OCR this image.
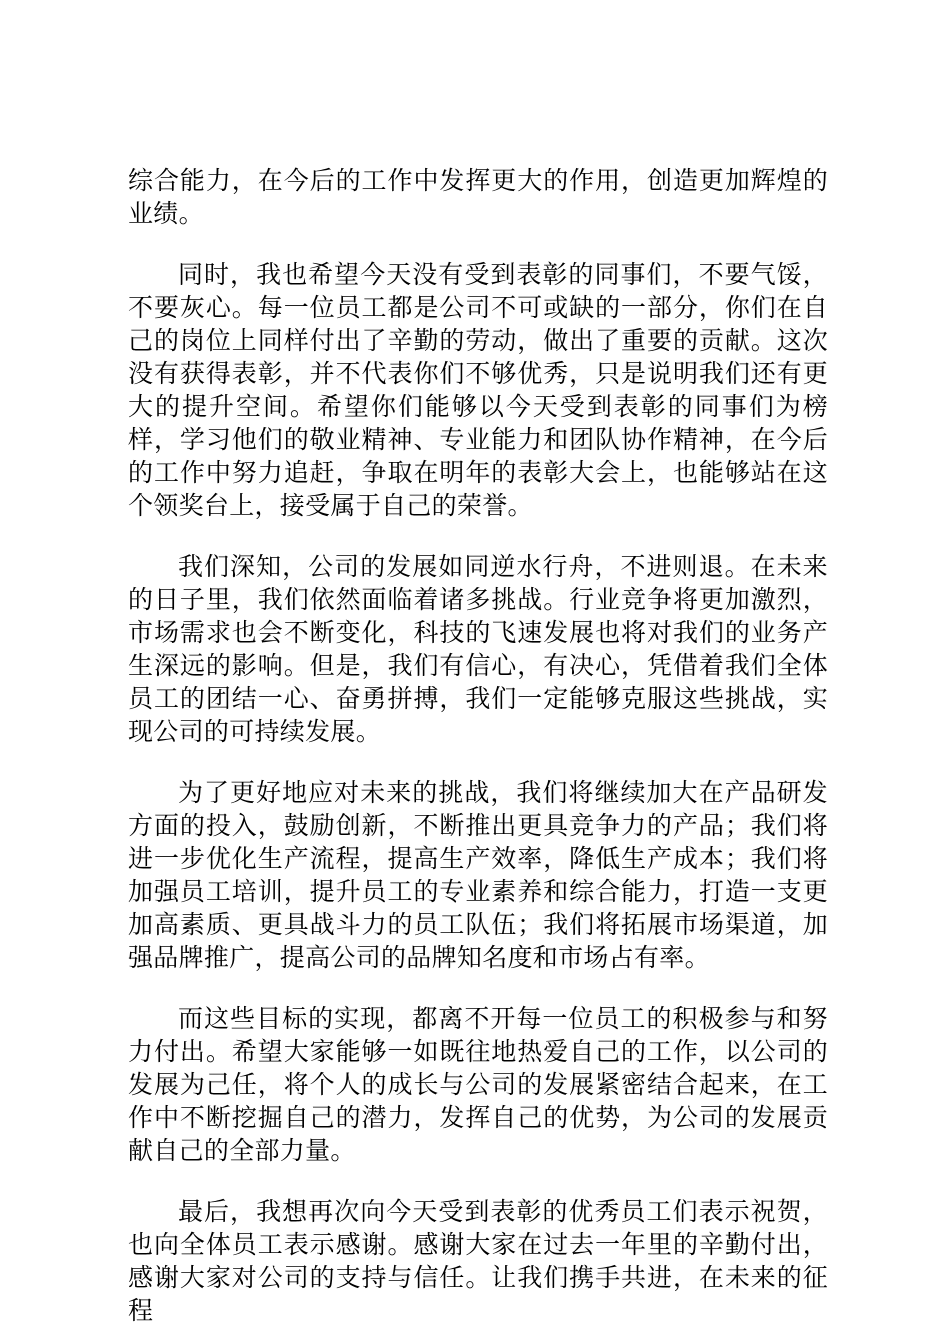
综合能力，在今后的工作中发挥更大的作用，创造更加辉煌的业绩。

同时，我也希望今天没有受到表彰的同事们，不要气馁，不要灰心。每一位员工都是公司不可或缺的一部分，你们在自己的岗位上同样付出了辛勤的劳动，做出了重要的贡献。这次没有获得表彰，并不代表你们不够优秀，只是说明我们还有更大的提升空间。希望你们能够以今天受到表彰的同事们为榜样，学习他们的敬业精神、专业能力和团队协作精神，在今后的工作中努力追赶，争取在明年的表彰大会上，也能够站在这个领奖台上，接受属于自己的荣誉。

我们深知，公司的发展如同逆水行舟，不进则退。在未来的日子里，我们依然面临着诸多挑战。行业竞争将更加激烈，市场需求也会不断变化，科技的飞速发展也将对我们的业务产生深远的影响。但是，我们有信心，有决心，凭借着我们全体员工的团结一心、奋勇拼搏，我们一定能够克服这些挑战，实现公司的可持续发展。

为了更好地应对未来的挑战，我们将继续加大在产品研发方面的投入，鼓励创新，不断推出更具竞争力的产品；我们将进一步优化生产流程，提高生产效率，降低生产成本；我们将加强员工培训，提升员工的专业素养和综合能力，打造一支更加高素质、更具战斗力的员工队伍；我们将拓展市场渠道，加强品牌推广，提高公司的品牌知名度和市场占有率。

而这些目标的实现，都离不开每一位员工的积极参与和努力付出。希望大家能够一如既往地热爱自己的工作，以公司的发展为己任，将个人的成长与公司的发展紧密结合起来，在工作中不断挖掘自己的潜力，发挥自己的优势，为公司的发展贡献自己的全部力量。

最后，我想再次向今天受到表彰的优秀员工们表示祝贺，也向全体员工表示感谢。感谢大家在过去一年里的辛勤付出，感谢大家对公司的支持与信任。让我们携手共进，在未来的征程
